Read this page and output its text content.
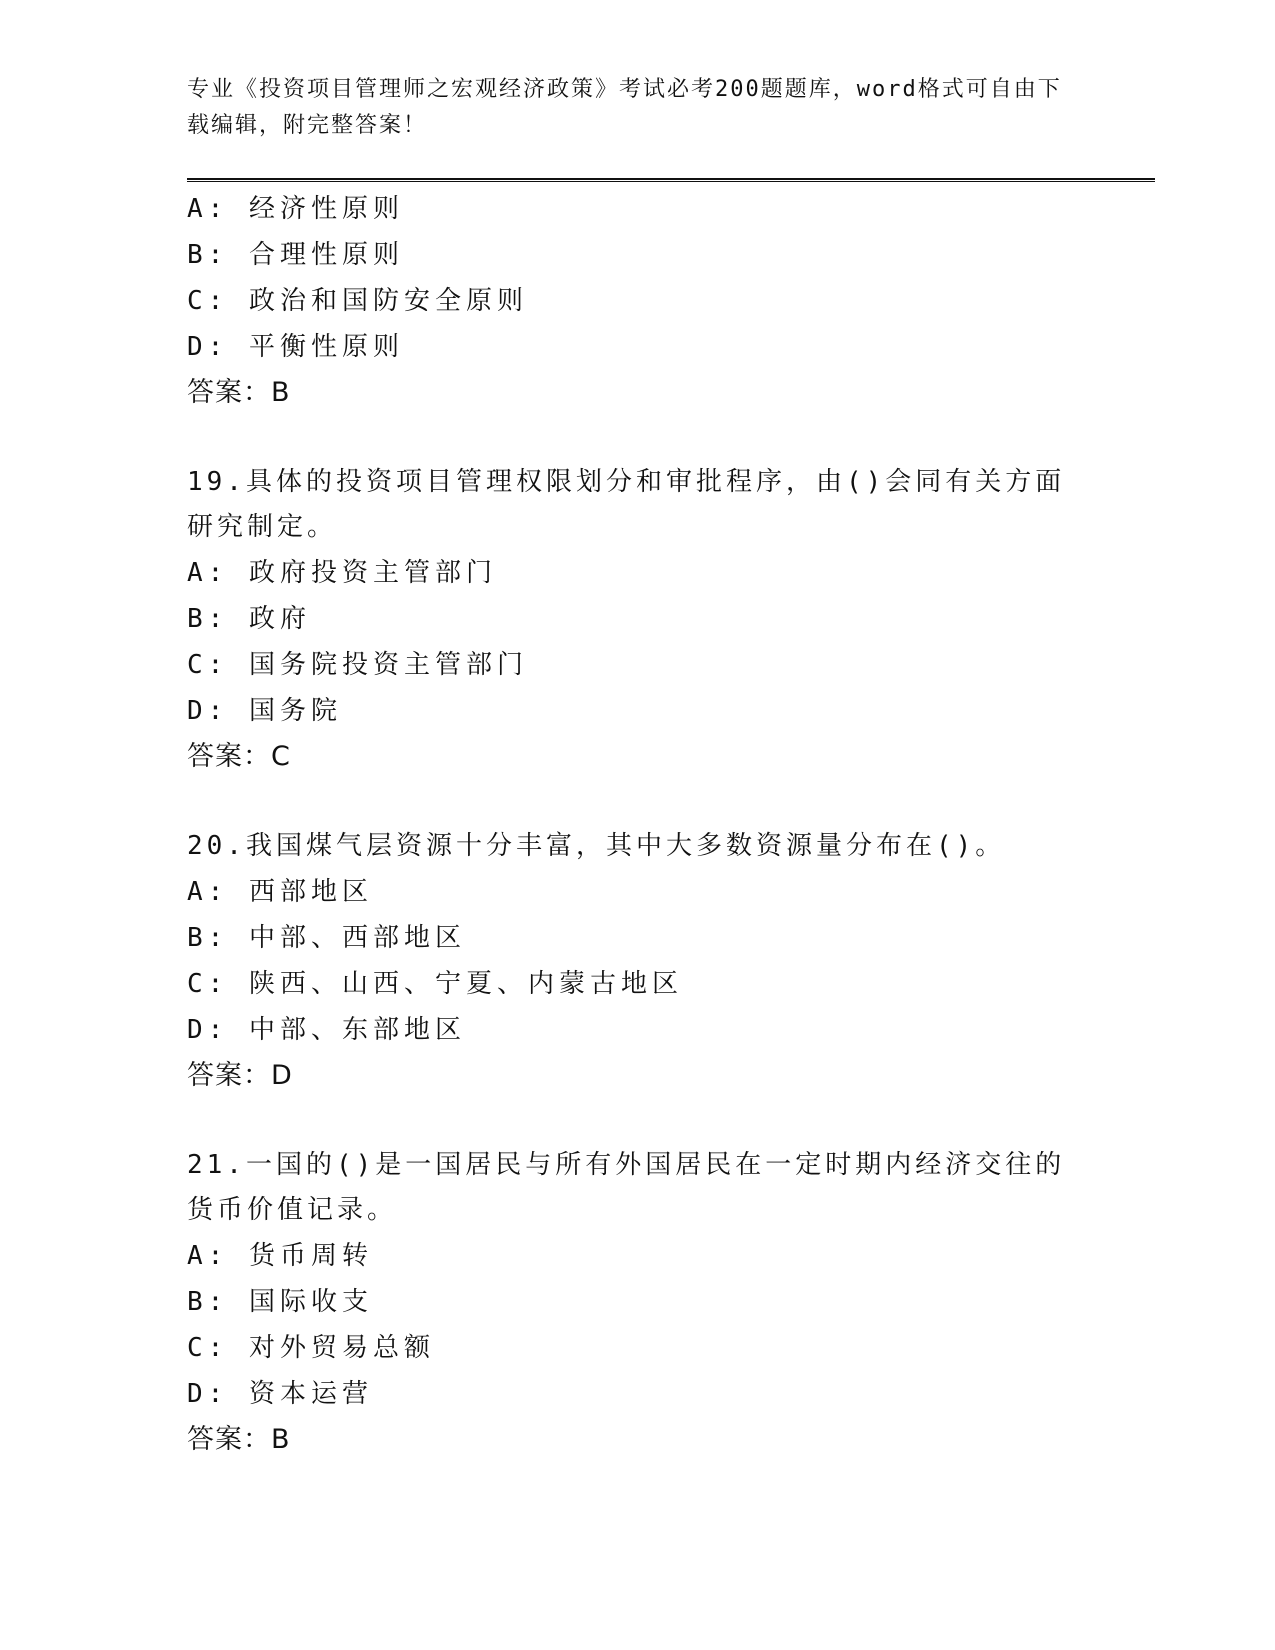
专业《投资项目管理师之宏观经济政策》考试必考200题题库，word格式可自由下载编辑，附完整答案！
A: 经济性原则
B: 合理性原则
C: 政治和国防安全原则
D: 平衡性原则
答案：B
19.具体的投资项目管理权限划分和审批程序，由()会同有关方面研究制定。
A: 政府投资主管部门
B: 政府
C: 国务院投资主管部门
D: 国务院
答案：C
20.我国煤气层资源十分丰富，其中大多数资源量分布在()。
A: 西部地区
B: 中部、西部地区
C: 陕西、山西、宁夏、内蒙古地区
D: 中部、东部地区
答案：D
21.一国的()是一国居民与所有外国居民在一定时期内经济交往的货币价值记录。
A: 货币周转
B: 国际收支
C: 对外贸易总额
D: 资本运营
答案：B
